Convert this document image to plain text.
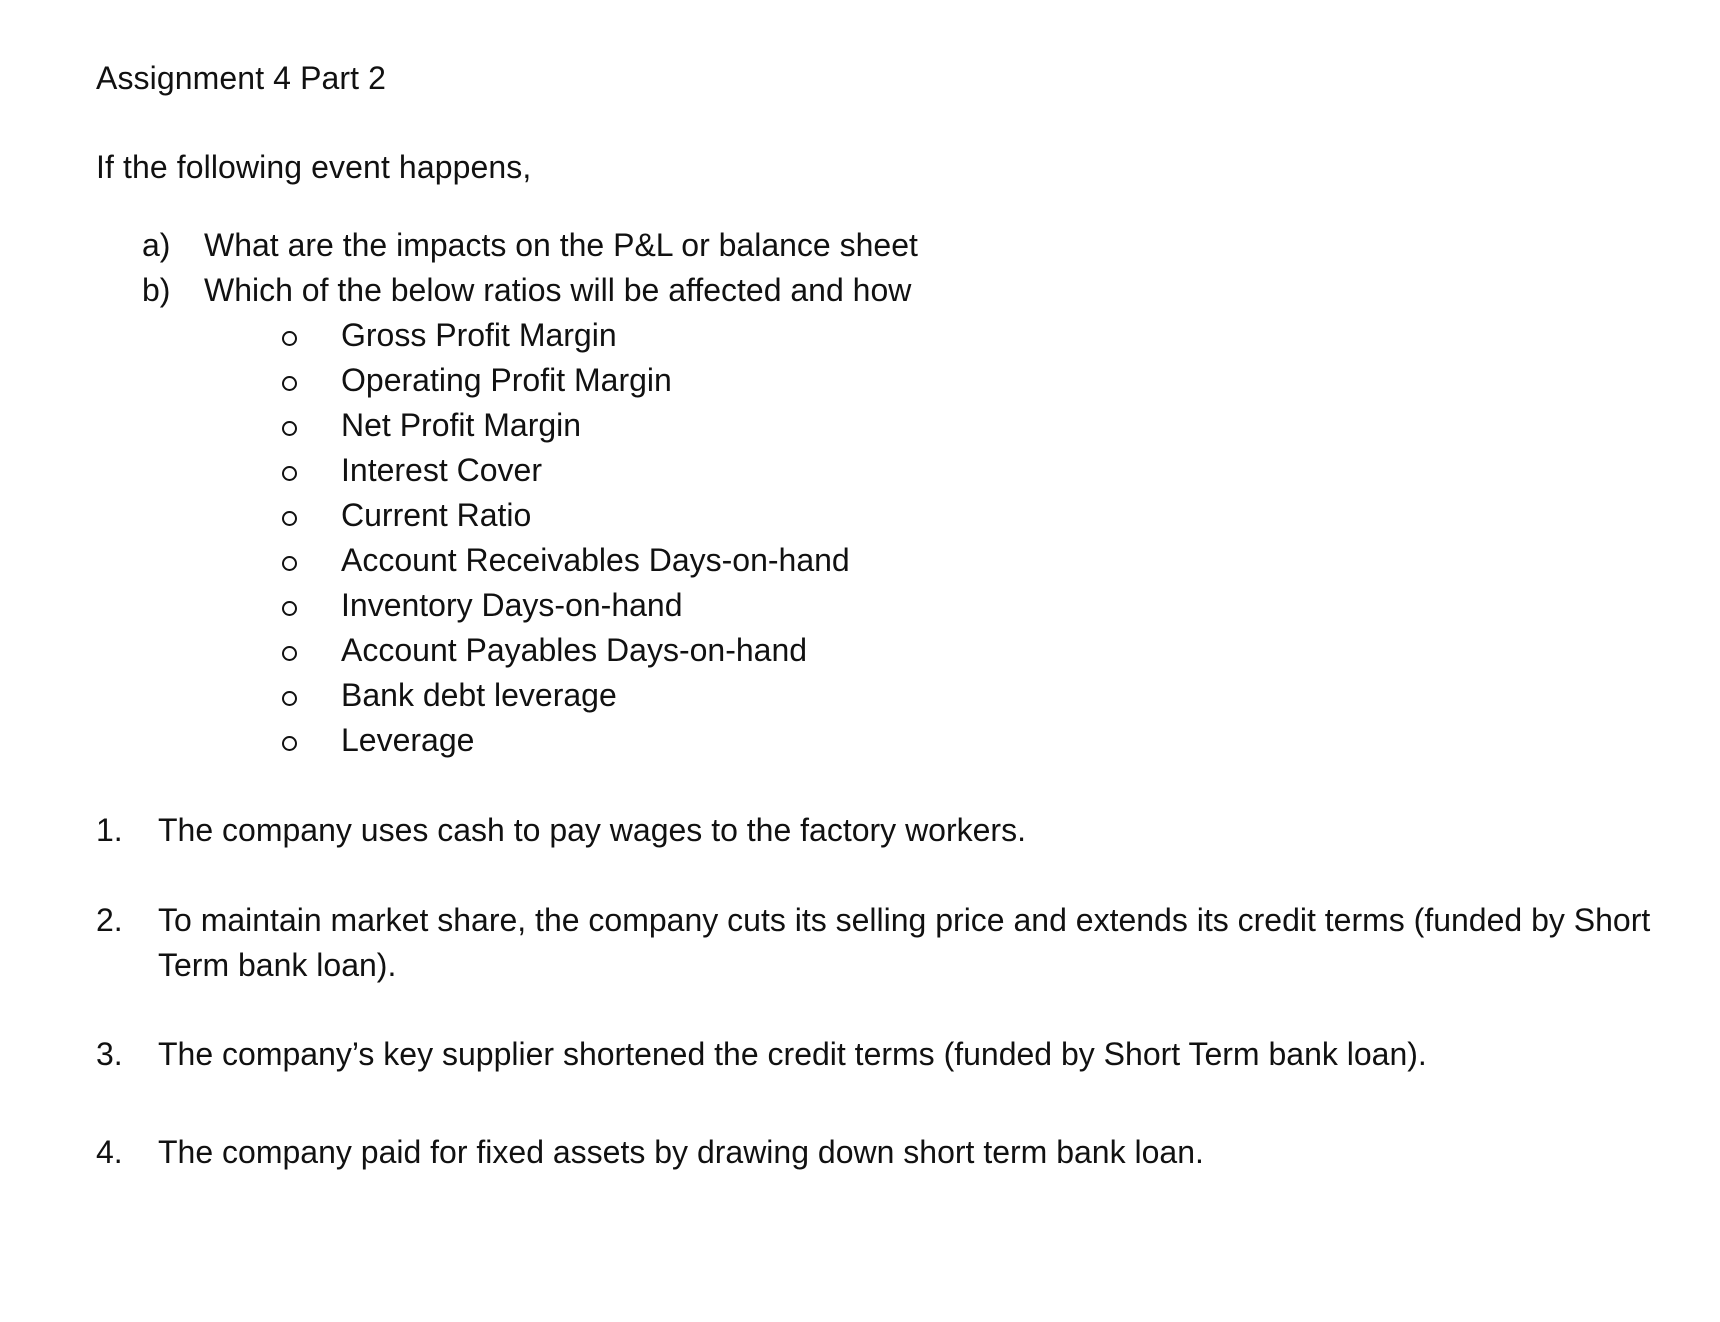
Assignment 4 Part 2

If the following event happens,

a) What are the impacts on the P&L or balance sheet

b) Which of the below ratios will be affected and how

Gross Profit Margin

Operating Profit Margin

Net Profit Margin

Interest Cover

Current Ratio

Account Receivables Days-on-hand

Inventory Days-on-hand

Account Payables Days-on-hand

Bank debt leverage

Leverage

1. The company uses cash to pay wages to the factory workers.

2. To maintain market share, the company cuts its selling price and extends its credit terms (funded by Short Term bank loan).

3. The company’s key supplier shortened the credit terms (funded by Short Term bank loan).

4. The company paid for fixed assets by drawing down short term bank loan.
